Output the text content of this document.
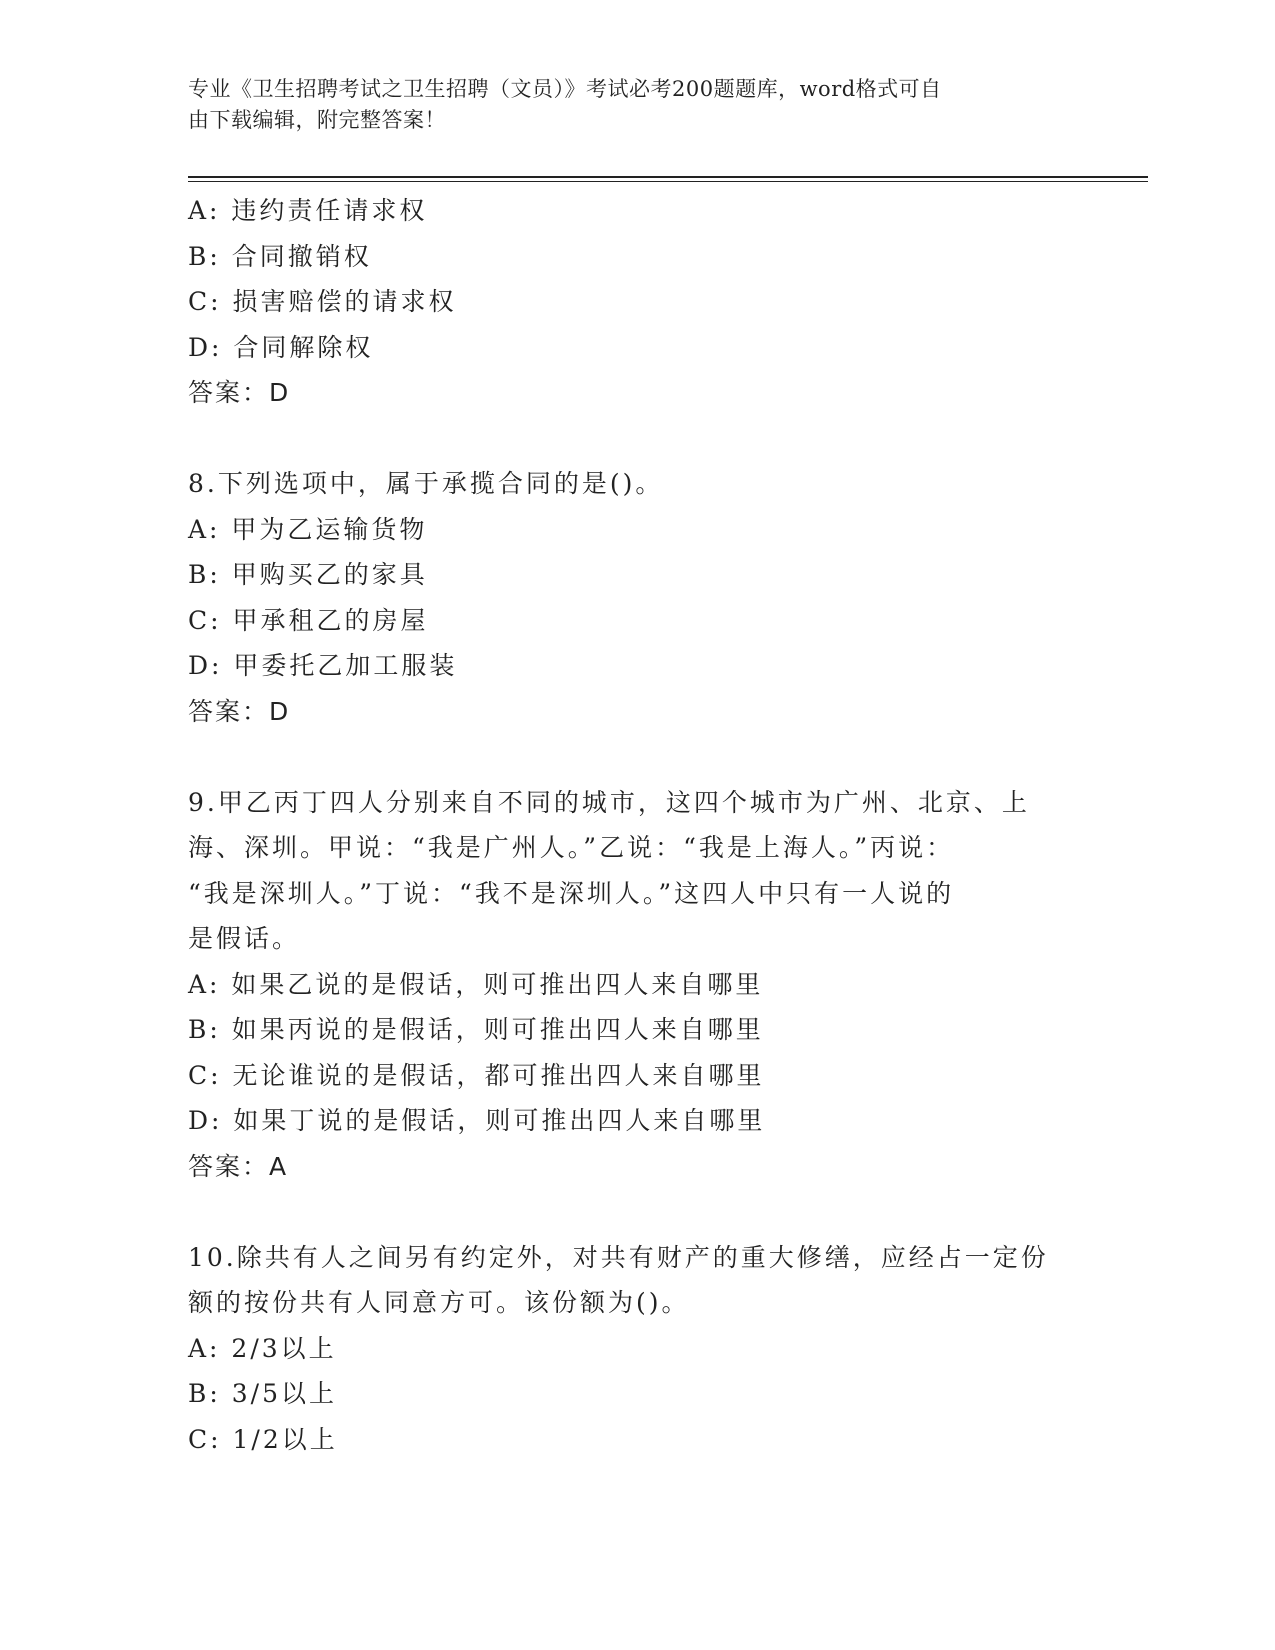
专业《卫生招聘考试之卫生招聘（文员）》考试必考200题题库，word格式可自
由下载编辑，附完整答案！
A: 违约责任请求权
B: 合同撤销权
C: 损害赔偿的请求权
D: 合同解除权
答案：D
8.下列选项中，属于承揽合同的是()。
A: 甲为乙运输货物
B: 甲购买乙的家具
C: 甲承租乙的房屋
D: 甲委托乙加工服装
答案：D
9.甲乙丙丁四人分别来自不同的城市，这四个城市为广州、北京、上
海、深圳。甲说：“我是广州人。”乙说：“我是上海人。”丙说：
“我是深圳人。”丁说：“我不是深圳人。”这四人中只有一人说的
是假话。
A: 如果乙说的是假话，则可推出四人来自哪里
B: 如果丙说的是假话，则可推出四人来自哪里
C: 无论谁说的是假话，都可推出四人来自哪里
D: 如果丁说的是假话，则可推出四人来自哪里
答案：A
10.除共有人之间另有约定外，对共有财产的重大修缮，应经占一定份
额的按份共有人同意方可。该份额为()。
A: 2/3以上
B: 3/5以上
C: 1/2以上
